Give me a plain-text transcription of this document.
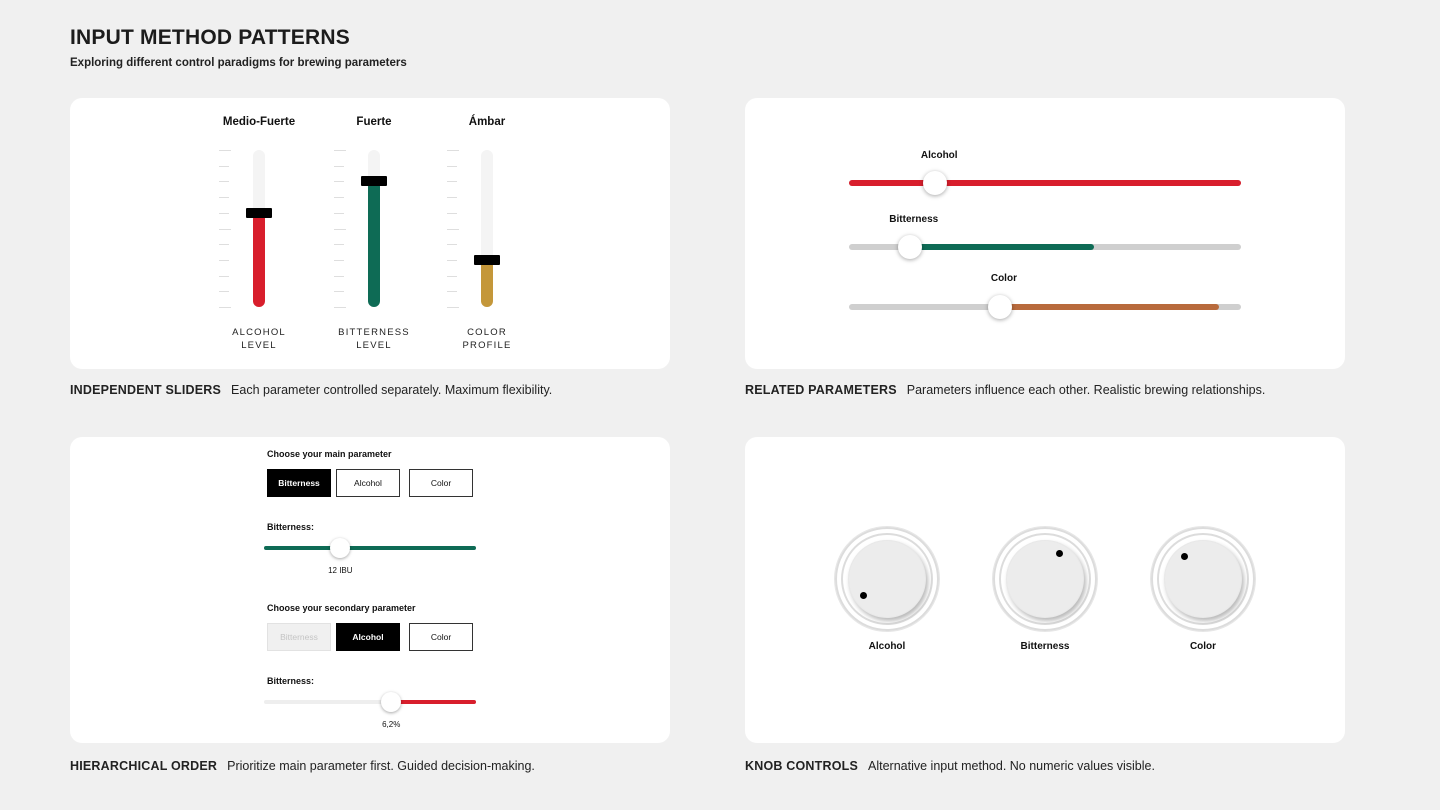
INPUT METHOD PATTERNS
Exploring different control paradigms for brewing parameters
Medio-Fuerte
ALCOHOL
LEVEL
Fuerte
BITTERNESS
LEVEL
Ámbar
COLOR
PROFILE
INDEPENDENT SLIDERS Each parameter controlled separately. Maximum flexibility.
Alcohol
Bitterness
Color
RELATED PARAMETERS Parameters influence each other. Realistic brewing relationships.
Choose your main parameter
Bitterness	Alcohol	Color
Bitterness:
12 IBU
Choose your secondary parameter
Bitterness	Alcohol	Color
Bitterness:
6,2%
HIERARCHICAL ORDER Prioritize main parameter first. Guided decision-making.
Alcohol	Bitterness	Color
KNOB CONTROLS Alternative input method. No numeric values visible.
